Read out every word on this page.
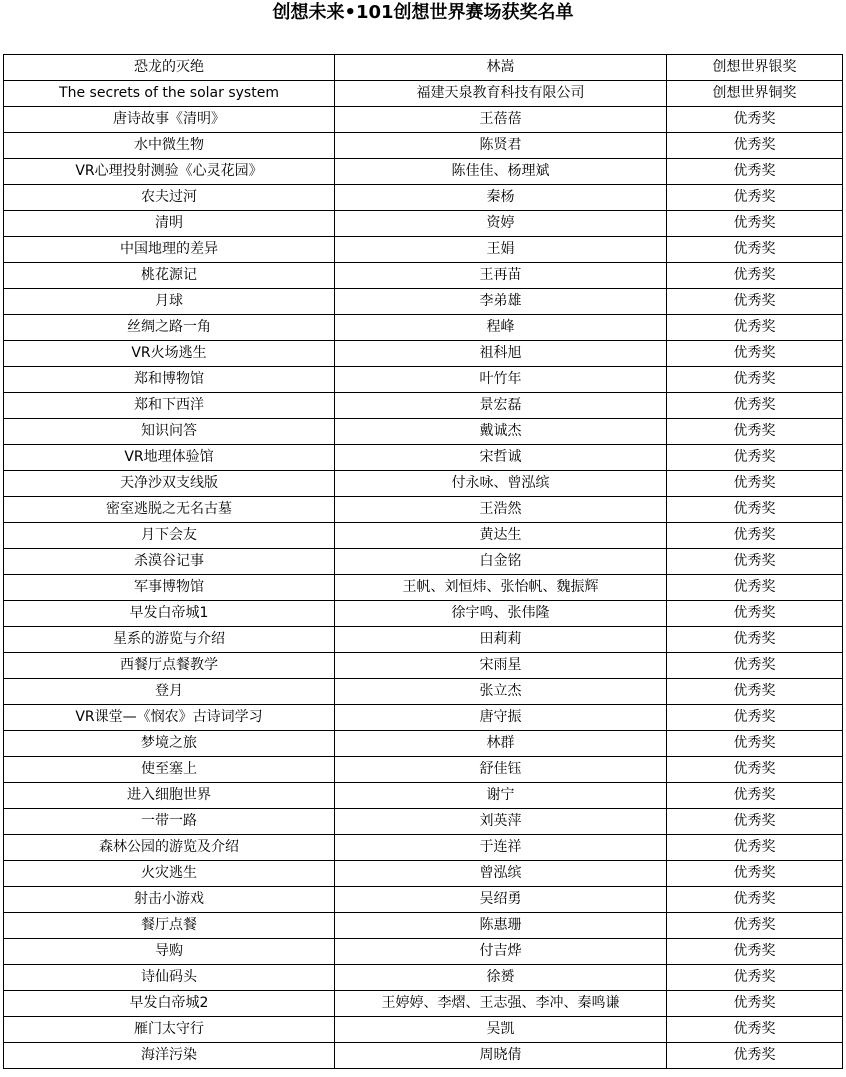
创想未来•101创想世界赛场获奖名单
恐龙的灭绝	林嵩	创想世界银奖
The secrets of the solar system	福建天泉教育科技有限公司	创想世界铜奖
唐诗故事《清明》	王蓓蓓	优秀奖
水中微生物	陈贤君	优秀奖
VR心理投射测验《心灵花园》	陈佳佳、杨理斌	优秀奖
农夫过河	秦杨	优秀奖
清明	资婷	优秀奖
中国地理的差异	王娟	优秀奖
桃花源记	王再苗	优秀奖
月球	李弟雄	优秀奖
丝绸之路一角	程峰	优秀奖
VR火场逃生	祖科旭	优秀奖
郑和博物馆	叶竹年	优秀奖
郑和下西洋	景宏磊	优秀奖
知识问答	戴诚杰	优秀奖
VR地理体验馆	宋哲诚	优秀奖
天净沙双支线版	付永咏、曾泓缤	优秀奖
密室逃脱之无名古墓	王浩然	优秀奖
月下会友	黄达生	优秀奖
杀漠谷记事	白金铭	优秀奖
军事博物馆	王帆、刘恒炜、张怡帆、魏振辉	优秀奖
早发白帝城1	徐宇鸣、张伟隆	优秀奖
星系的游览与介绍	田莉莉	优秀奖
西餐厅点餐教学	宋雨星	优秀奖
登月	张立杰	优秀奖
VR课堂—《悯农》古诗词学习	唐守振	优秀奖
梦境之旅	林群	优秀奖
使至塞上	舒佳钰	优秀奖
进入细胞世界	谢宁	优秀奖
一带一路	刘英萍	优秀奖
森林公园的游览及介绍	于连祥	优秀奖
火灾逃生	曾泓缤	优秀奖
射击小游戏	吴绍勇	优秀奖
餐厅点餐	陈惠珊	优秀奖
导购	付吉烨	优秀奖
诗仙码头	徐赟	优秀奖
早发白帝城2	王婷婷、李熠、王志强、李冲、秦鸣谦	优秀奖
雁门太守行	吴凯	优秀奖
海洋污染	周晓倩	优秀奖
